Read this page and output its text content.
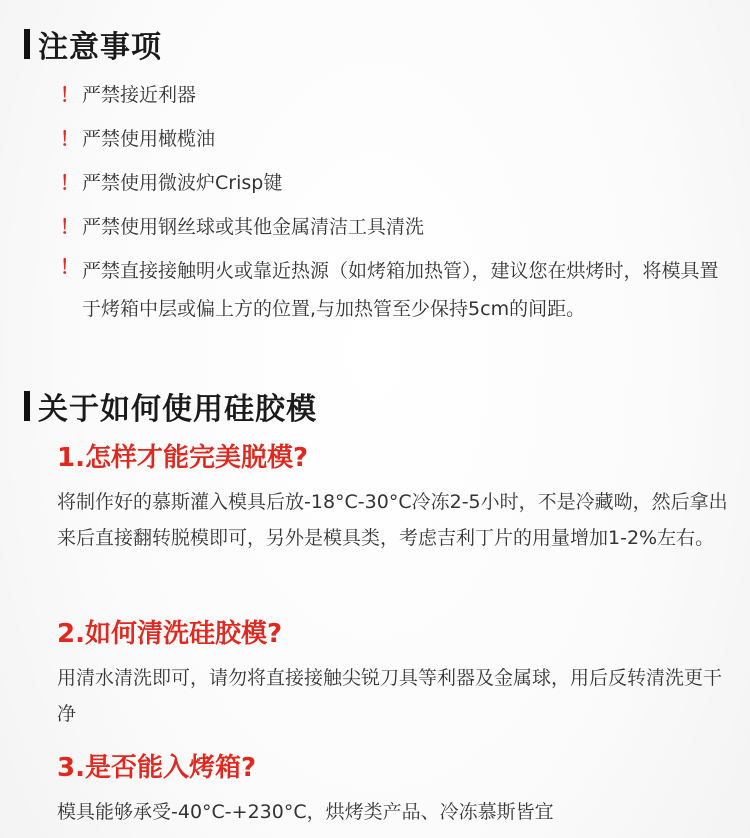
注意事项
！ 严禁接近利器
！ 严禁使用橄榄油
！ 严禁使用微波炉Crisp键
！ 严禁使用钢丝球或其他金属清洁工具清洗
！ 严禁直接接触明火或靠近热源（如烤箱加热管），建议您在烘烤时，将模具置于烤箱中层或偏上方的位置,与加热管至少保持5cm的间距。
关于如何使用硅胶模
1.怎样才能完美脱模?
将制作好的慕斯灌入模具后放-18°C-30°C冷冻2-5小时，不是冷藏呦，然后拿出来后直接翻转脱模即可，另外是模具类，考虑吉利丁片的用量增加1-2%左右。
2.如何清洗硅胶模?
用清水清洗即可，请勿将直接接触尖锐刀具等利器及金属球，用后反转清洗更干净
3.是否能入烤箱?
模具能够承受-40°C-+230°C，烘烤类产品、冷冻慕斯皆宜
